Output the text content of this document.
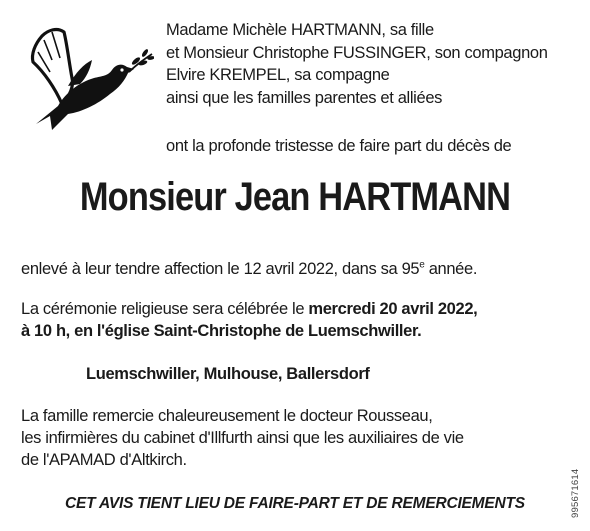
Madame Michèle HARTMANN, sa fille
et Monsieur Christophe FUSSINGER, son compagnon
Elvire KREMPEL, sa compagne
ainsi que les familles parentes et alliées
ont la profonde tristesse de faire part du décès de
Monsieur Jean HARTMANN
enlevé à leur tendre affection le 12 avril 2022, dans sa 95e année.
La cérémonie religieuse sera célébrée le mercredi 20 avril 2022,
à 10 h, en l'église Saint-Christophe de Luemschwiller.
Luemschwiller, Mulhouse, Ballersdorf
La famille remercie chaleureusement le docteur Rousseau,
les infirmières du cabinet d'Illfurth ainsi que les auxiliaires de vie
de l'APAMAD d'Altkirch.
CET AVIS TIENT LIEU DE FAIRE-PART ET DE REMERCIEMENTS	995671614
